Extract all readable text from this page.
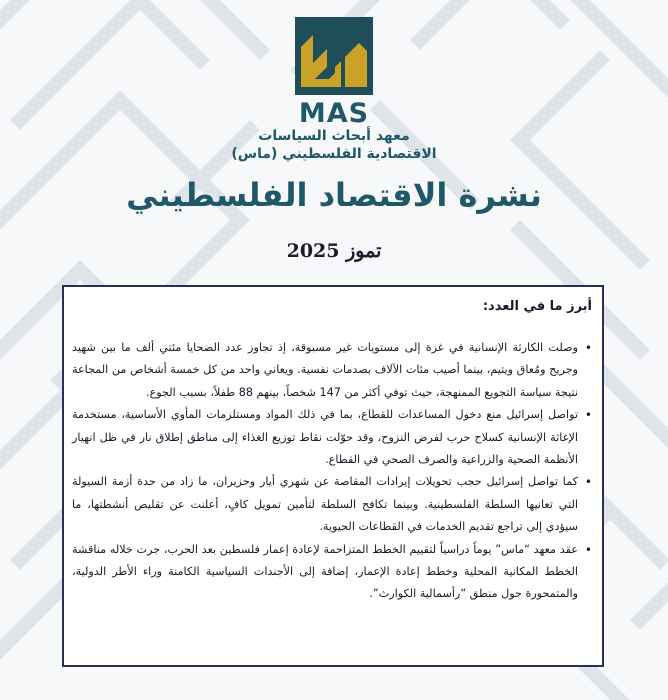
MAS
معهد أبحاث السياسات
الاقتصادية الفلسطيني (ماس)
نشرة الاقتصاد الفلسطيني
تموز 2025
أبرز ما في العدد:
•
وصلت الكارثة الإنسانية في غزة إلى مستويات غير مسبوقة، إذ تجاوز عدد الضحايا مئتي ألف ما بين شهيد وجريح ومُعاق ويتيم، بينما أصيب مئات الآلاف بصدمات نفسية. ويعاني واحد من كل خمسة أشخاص من المجاعة نتيجة سياسة التجويع الممنهجة، حيث توفي أكثر من 147 شخصاً، بينهم 88 طفلاً، بسبب الجوع.
•
تواصل إسرائيل منع دخول المساعدات للقطاع، بما في ذلك المواد ومستلزمات المأوي الأساسية، مستخدمة الإغاثة الإنسانية كسلاح حرب لفرض النزوح، وقد حوّلت نقاط توزيع الغذاء إلى مناطق إطلاق نار في ظل انهيار الأنظمة الصحية والزراعية والصرف الصحي في القطاع.
•
كما تواصل إسرائيل حجب تحويلات إيرادات المقاصة عن شهري أيار وحزيران، ما زاد من حدة أزمة السيولة التي تعانيها السلطة الفلسطينية. وبينما تكافح السلطة لتأمين تمويل كافٍ، أعلنت عن تقليص أنشطتها، ما سيؤدي إلى تراجع تقديم الخدمات في القطاعات الحيوية.
•
عقد معهد “ماس” يوماً دراسياً لتقييم الخطط المتزاحمة لإعادة إعمار فلسطين بعد الحرب، جرت خلاله مناقشة الخطط المكانية المحلية وخطط إعادة الإعمار، إضافة إلى الأجندات السياسية الكامنة وراء الأطر الدولية، والمتمحورة حول منطق “رأسمالية الكوارث”.
